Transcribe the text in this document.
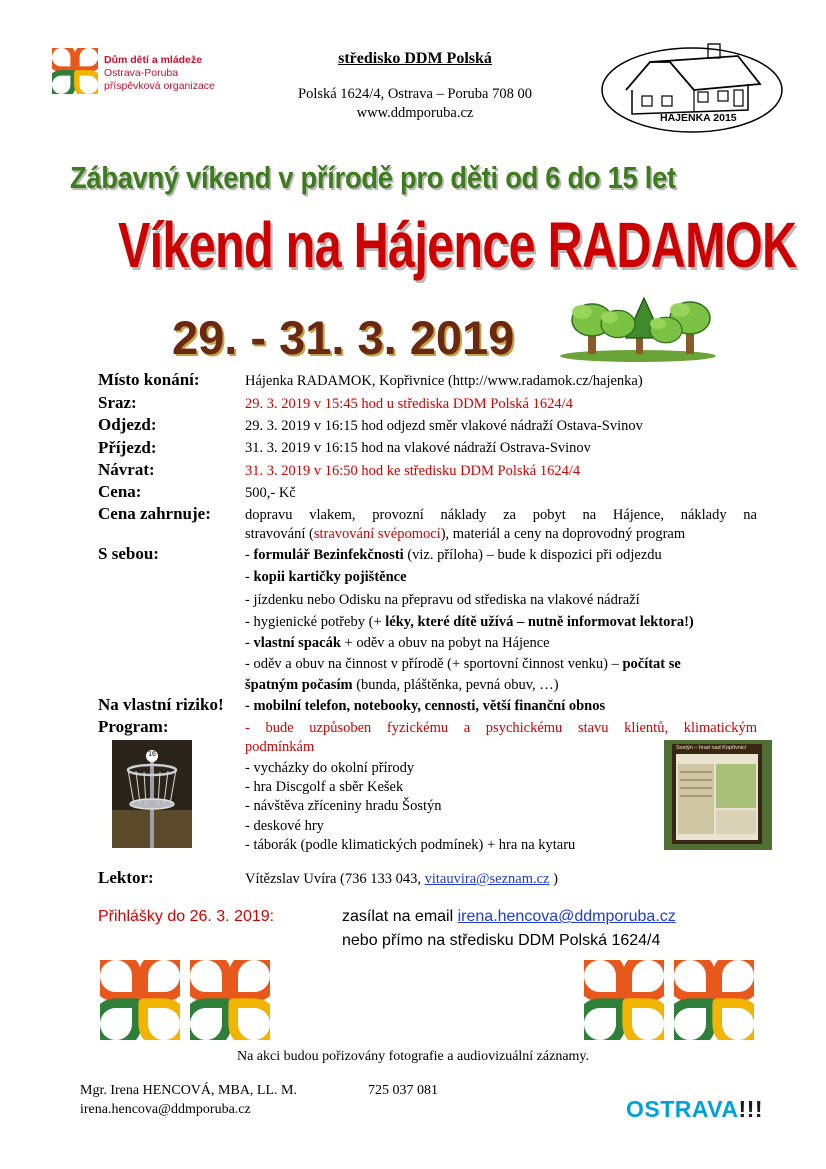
Dům dětí a mládeže
Ostrava-Poruba
příspěvková organizace
středisko DDM Polská
Polská 1624/4, Ostrava – Poruba 708 00
www.ddmporuba.cz	HÁJENKA 2015
Zábavný víkend v přírodě pro děti od 6 do 15 let
Víkend na Hájence RADAMOK
29. - 31. 3. 2019
Místo konání:	Hájenka RADAMOK, Kopřivnice (http://www.radamok.cz/hajenka)
Sraz:	29. 3. 2019 v 15:45 hod u střediska DDM Polská 1624/4
Odjezd:	29. 3. 2019 v 16:15 hod odjezd směr vlakové nádraží Ostava-Svinov
Příjezd:	31. 3. 2019 v 16:15 hod na vlakové nádraží Ostrava-Svinov
Návrat:	31. 3. 2019 v 16:50 hod ke středisku DDM Polská 1624/4
Cena:	500,- Kč
Cena zahrnuje: dopravu vlakem, provozní náklady za pobyt na Hájence, náklady na
stravování (stravování svépomocí), materiál a ceny na doprovodný program
S sebou:	- formulář Bezinfekčnosti (viz. příloha) – bude k dispozici při odjezdu
- kopii kartičky pojištěnce
- jízdenku nebo Odisku na přepravu od střediska na vlakové nádraží
- hygienické potřeby (+ léky, které dítě užívá – nutně informovat lektora!)
- vlastní spacák + oděv a obuv na pobyt na Hájence
- oděv a obuv na činnost v přírodě (+ sportovní činnost venku) – počítat se
špatným počasím (bunda, pláštěnka, pevná obuv, …)
Na vlastní riziko! - mobilní telefon, notebooky, cennosti, větší finanční obnos
Program:	- bude uzpůsoben fyzickému a psychickému stavu klientů, klimatickým
podmínkám
- vycházky do okolní přírody
- hra Discgolf a sběr Kešek
- návštěva zříceniny hradu Šostýn
- deskové hry
- táborák (podle klimatických podmínek) + hra na kytaru
16
Šostýn – hrad nad Kopřivnicí
Lektor:	Vítězslav Uvíra (736 133 043, vitauvira@seznam.cz )
Přihlášky do 26. 3. 2019:	zasílat na email irena.hencova@ddmporuba.cz
nebo přímo na středisku DDM Polská 1624/4
Na akci budou pořizovány fotografie a audiovizuální záznamy.
Mgr. Irena HENCOVÁ, MBA, LL. M.	725 037 081
irena.hencova@ddmporuba.cz	OSTRAVA!!!
